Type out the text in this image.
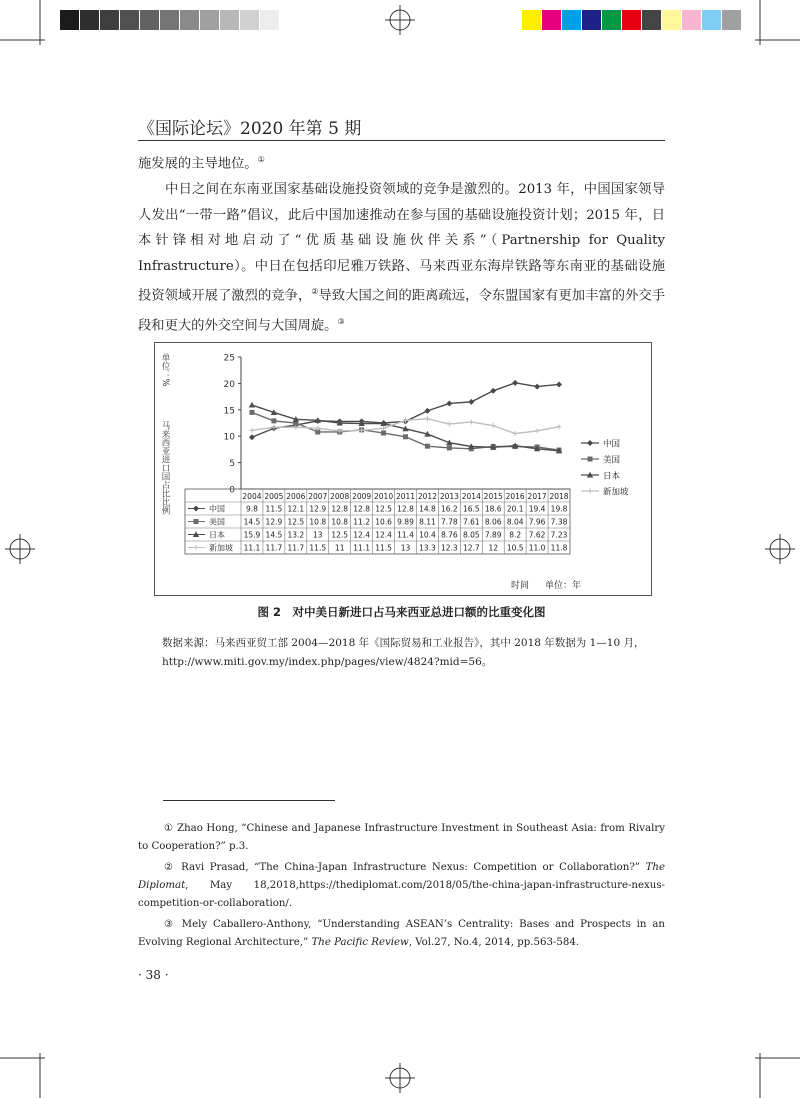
《国际论坛》2020 年第 5 期

施发展的主导地位。①

中日之间在东南亚国家基础设施投资领域的竞争是激烈的。2013 年，中国国家领导人发出“一带一路”倡议，此后中国加速推动在参与国的基础设施投资计划；2015 年，日本针锋相对地启动了“优质基础设施伙伴关系”（Partnership for Quality Infrastructure）。中日在包括印尼雅万铁路、马来西亚东海岸铁路等东南亚的基础设施投资领域开展了激烈的竞争，②导致大国之间的距离疏远，令东盟国家有更加丰富的外交手段和更大的外交空间与大国周旋。③

0
5
10
15
20
25
单位：%
马来西亚进口国占比比例	2004 2005 2006 2007 2008 2009 2010 2011 2012 2013 2014 2015 2016 2017 2018
中国	9.8 11.5 12.1 12.9 12.8 12.8 12.5 12.8 14.8 16.2 16.5 18.6 20.1 19.4 19.8
中国
美国 14.5 12.9 12.5 10.8 10.8 11.2 10.6 9.89 8.11 7.78 7.61 8.06 8.04 7.96 7.38
美国
日本 15.9 14.5 13.2 13 12.5 12.4 12.4 11.4 10.4 8.76 8.05 7.89 8.2 7.62 7.23
日本
新加坡 11.1 11.7 11.7 11.5 11 11.1 11.5 13 13.3 12.3 12.7 12 10.5 11.0 11.8
新加坡
时间 单位：年
图 2　对中美日新进口占马来西亚总进口额的比重变化图
数据来源：马来西亚贸工部 2004—2018 年《国际贸易和工业报告》，其中 2018 年数据为 1—10 月，http://www.miti.gov.my/index.php/pages/view/4824?mid=56。

① Zhao Hong, “Chinese and Japanese Infrastructure Investment in Southeast Asia: from Rivalry to Cooperation?” p.3.

② Ravi Prasad, “The China-Japan Infrastructure Nexus: Competition or Collaboration?” The Diplomat, May 18,2018,https://thediplomat.com/2018/05/the-china-japan-infrastructure-nexus-competition-or-collaboration/.

③ Mely Caballero-Anthony, “Understanding ASEAN’s Centrality: Bases and Prospects in an Evolving Regional Architecture,” The Pacific Review, Vol.27, No.4, 2014, pp.563-584.

· 38 ·
